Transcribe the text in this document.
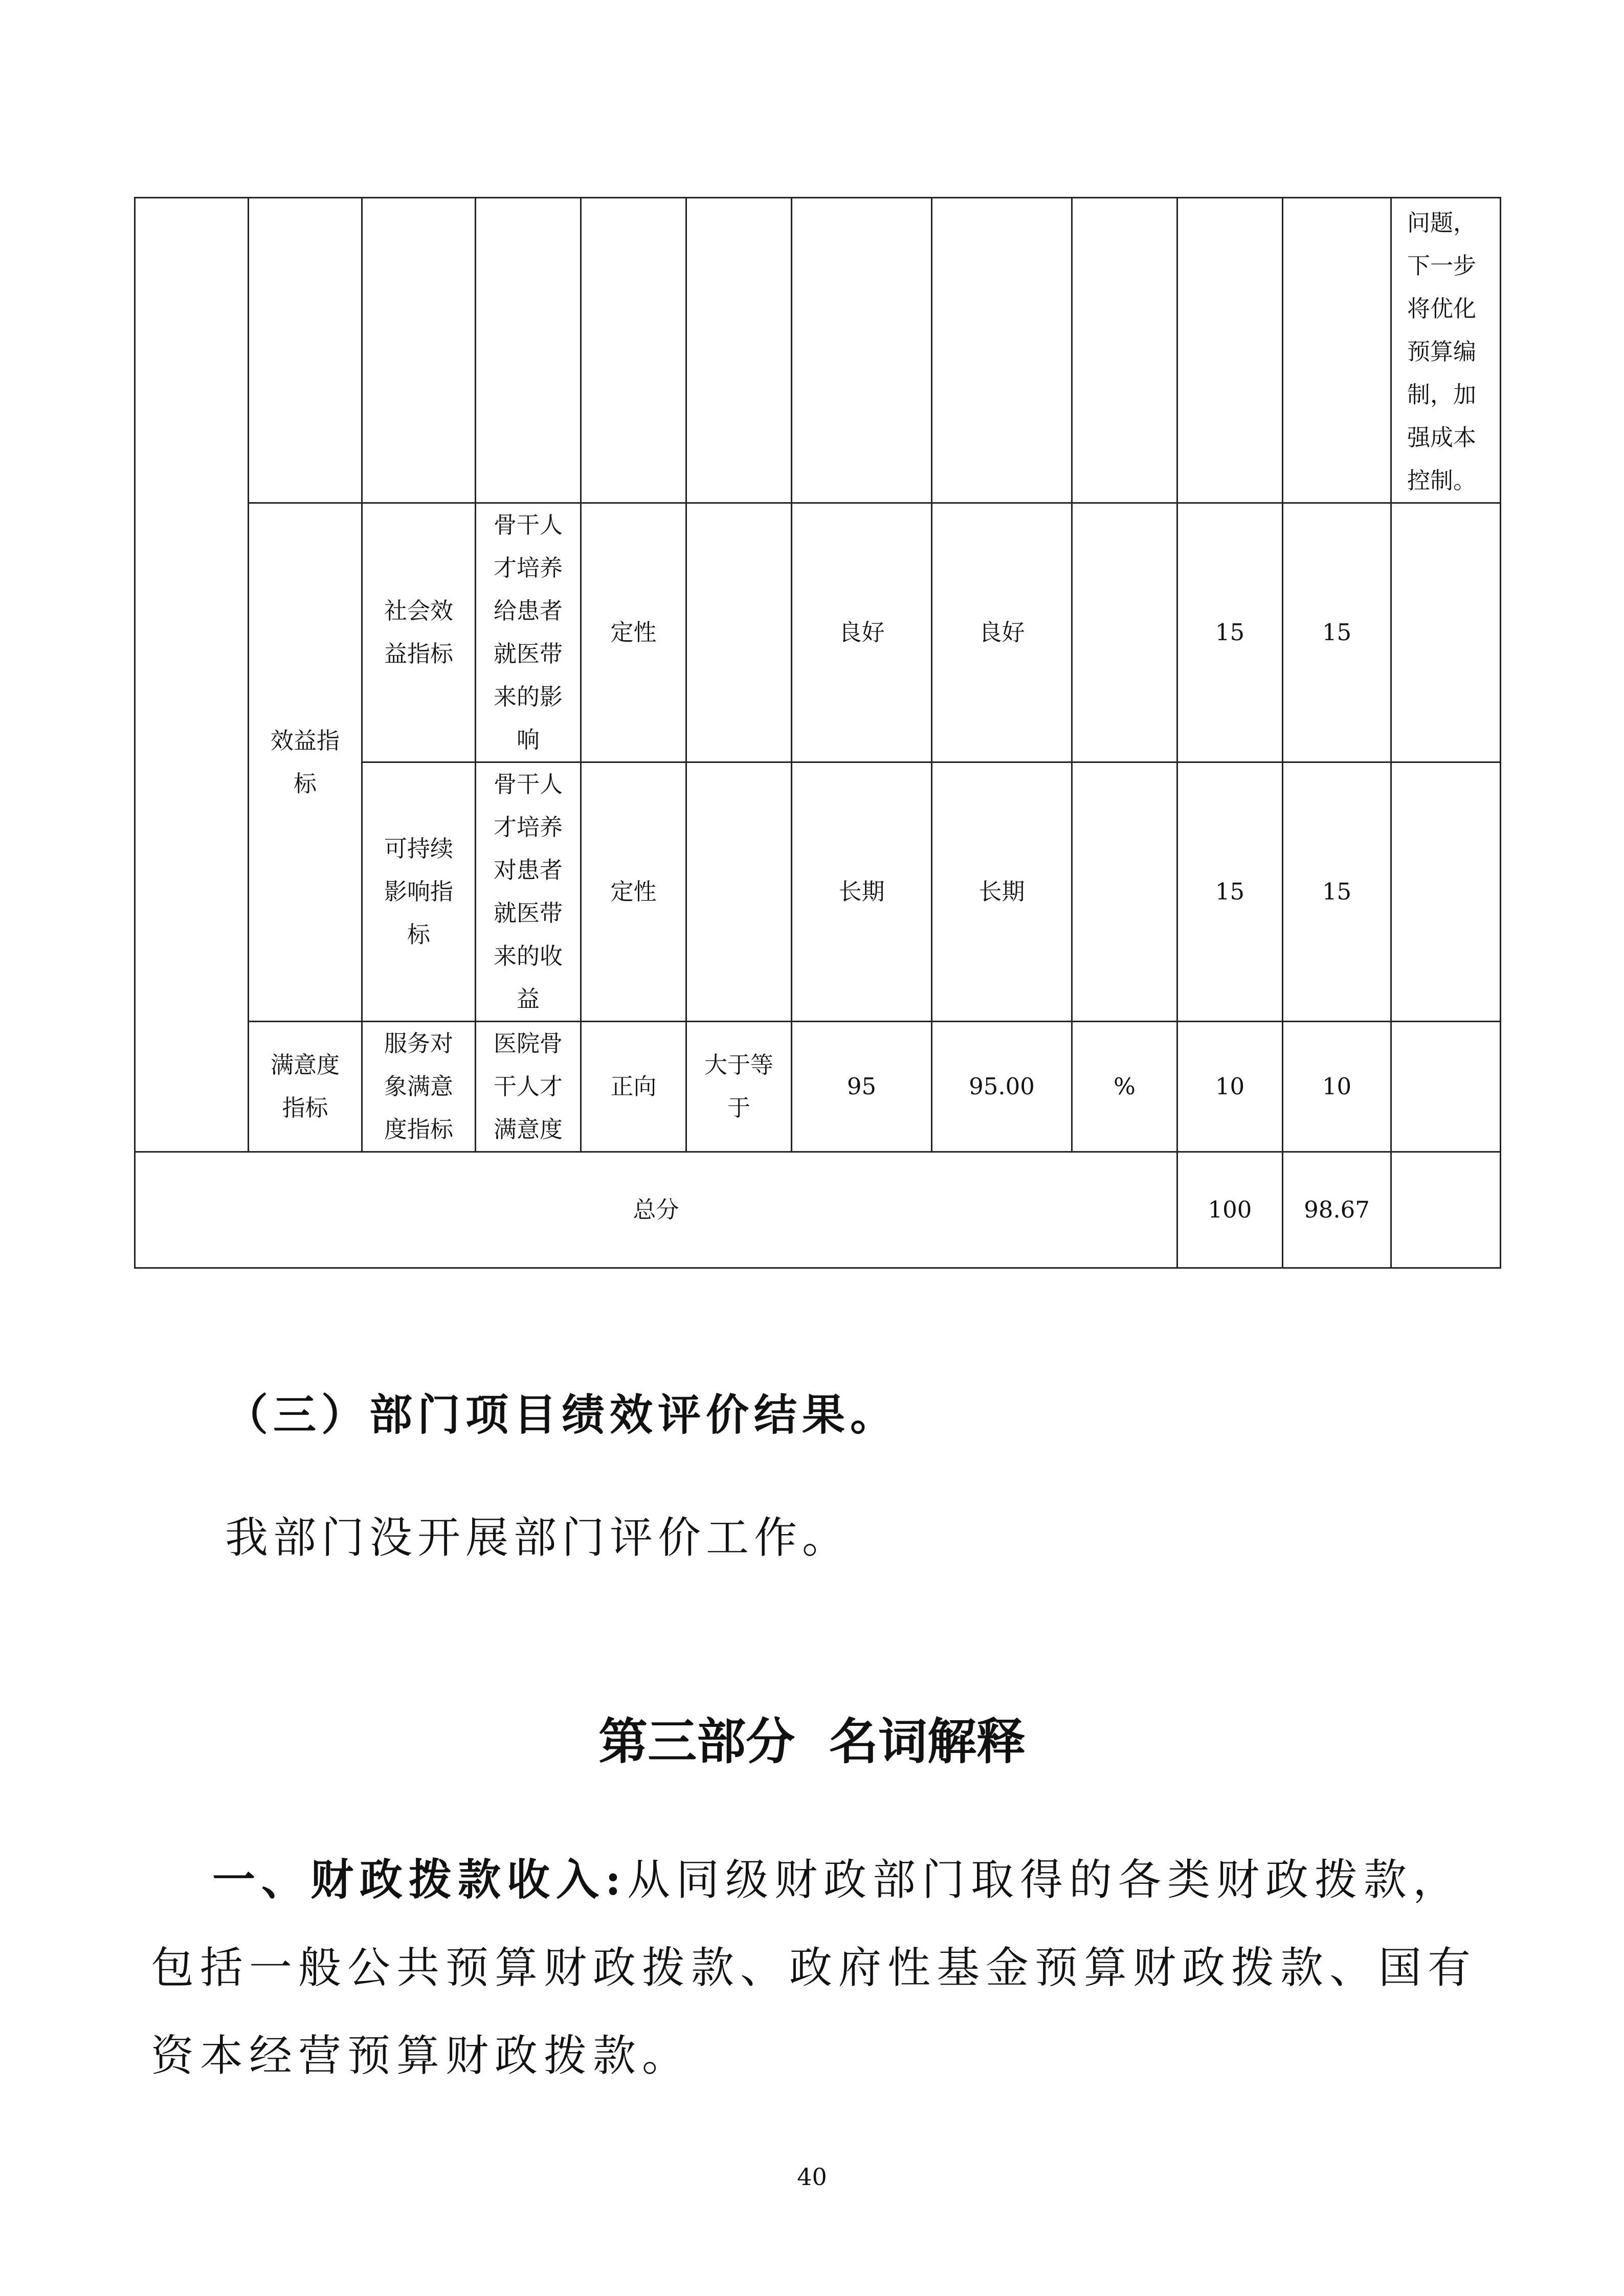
											问题，下一步将优化预算编制，加强成本控制。
	效益指标	社会效益指标	骨干人才培养给患者就医带来的影响	定性		良好	良好		15	15	
		可持续影响指标	骨干人才培养对患者就医带来的收益	定性		长期	长期		15	15	
	满意度指标	服务对象满意度指标	医院骨干人才满意度	正向	大于等于	95	95.00	%	10	10	
总分									100	98.67	

（三）部门项目绩效评价结果。

我部门没开展部门评价工作。

第三部分  名词解释

一、财政拨款收入:从同级财政部门取得的各类财政拨款，包括一般公共预算财政拨款、政府性基金预算财政拨款、国有资本经营预算财政拨款。

40
